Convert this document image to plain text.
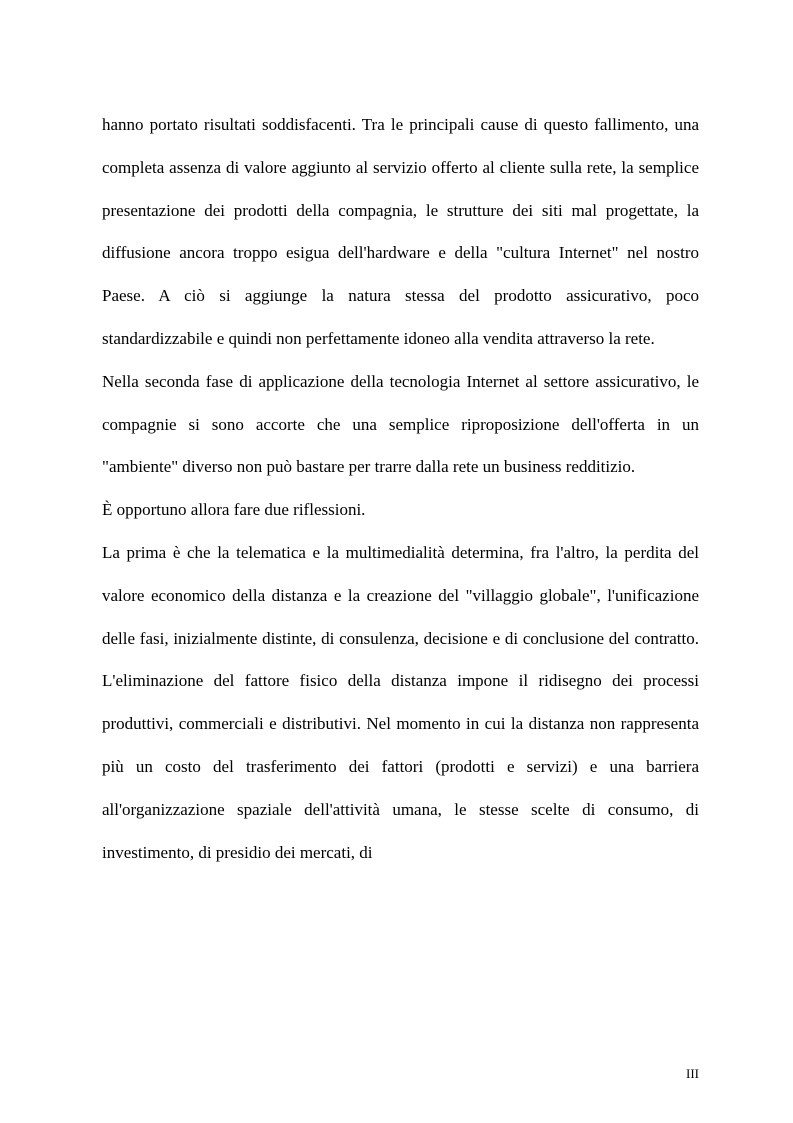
hanno portato risultati soddisfacenti. Tra le principali cause di questo fallimento, una completa assenza di valore aggiunto al servizio offerto al cliente sulla rete, la semplice presentazione dei prodotti della compagnia, le strutture dei siti mal progettate, la diffusione ancora troppo esigua dell'hardware e della "cultura Internet" nel nostro Paese. A ciò si aggiunge la natura stessa del prodotto assicurativo, poco standardizzabile e quindi non perfettamente idoneo alla vendita attraverso la rete.

Nella seconda fase di applicazione della tecnologia Internet al settore assicurativo, le compagnie si sono accorte che una semplice riproposizione dell'offerta in un "ambiente" diverso non può bastare per trarre dalla rete un business redditizio.

È opportuno allora fare due riflessioni.

La prima è che la telematica e la multimedialità determina, fra l'altro, la perdita del valore economico della distanza e la creazione del "villaggio globale", l'unificazione delle fasi, inizialmente distinte, di consulenza, decisione e di conclusione del contratto. L'eliminazione del fattore fisico della distanza impone il ridisegno dei processi produttivi, commerciali e distributivi. Nel momento in cui la distanza non rappresenta più un costo del trasferimento dei fattori (prodotti e servizi) e una barriera all'organizzazione spaziale dell'attività umana, le stesse scelte di consumo, di investimento, di presidio dei mercati, di

III
